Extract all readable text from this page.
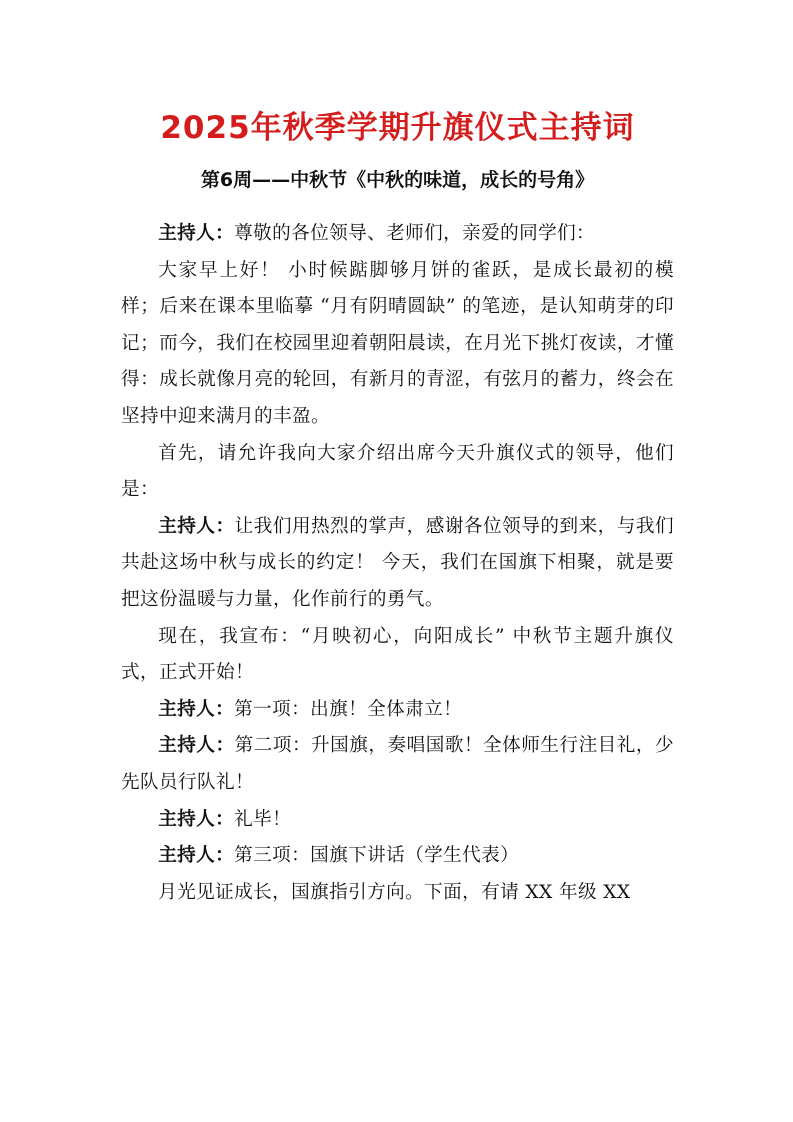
2025年秋季学期升旗仪式主持词
第6周——中秋节《中秋的味道，成长的号角》

主持人：尊敬的各位领导、老师们，亲爱的同学们：

大家早上好！ 小时候踮脚够月饼的雀跃，是成长最初的模样；后来在课本里临摹 “月有阴晴圆缺” 的笔迹，是认知萌芽的印记；而今，我们在校园里迎着朝阳晨读，在月光下挑灯夜读，才懂得：成长就像月亮的轮回，有新月的青涩，有弦月的蓄力，终会在坚持中迎来满月的丰盈。

首先，请允许我向大家介绍出席今天升旗仪式的领导，他们是：

主持人：让我们用热烈的掌声，感谢各位领导的到来，与我们共赴这场中秋与成长的约定！ 今天，我们在国旗下相聚，就是要把这份温暖与力量，化作前行的勇气。

现在，我宣布：“月映初心，向阳成长” 中秋节主题升旗仪式，正式开始！

主持人：第一项：出旗！全体肃立！

主持人：第二项：升国旗，奏唱国歌！全体师生行注目礼，少先队员行队礼！

主持人：礼毕！

主持人：第三项：国旗下讲话（学生代表）

月光见证成长，国旗指引方向。下面，有请 XX 年级 XX
